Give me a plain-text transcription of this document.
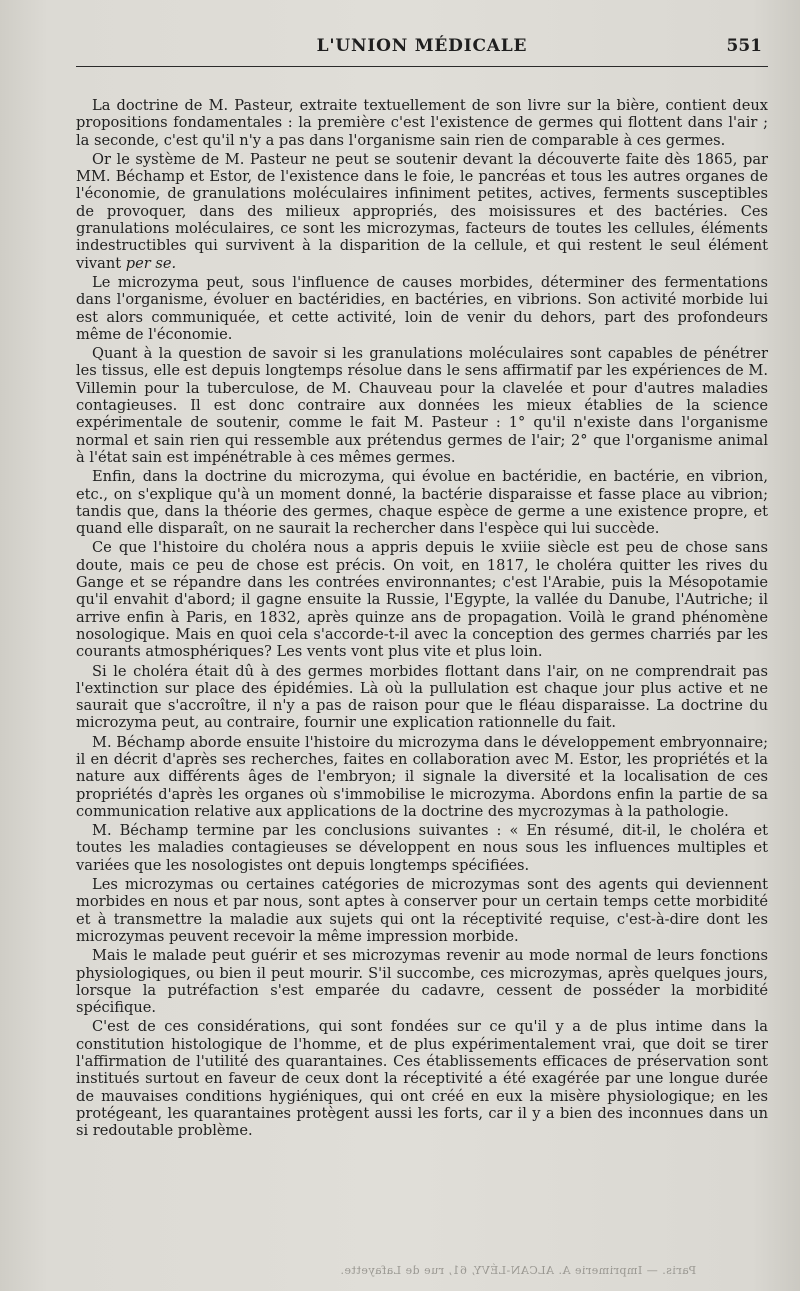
L'UNION MÉDICALE	551

La doctrine de M. Pasteur, extraite textuellement de son livre sur la bière, contient deux propositions fondamentales : la première c'est l'existence de germes qui flottent dans l'air ; la seconde, c'est qu'il n'y a pas dans l'organisme sain rien de comparable à ces germes.

Or le système de M. Pasteur ne peut se soutenir devant la découverte faite dès 1865, par MM. Béchamp et Estor, de l'existence dans le foie, le pancréas et tous les autres organes de l'économie, de granulations moléculaires infiniment petites, actives, ferments susceptibles de provoquer, dans des milieux appropriés, des moisissures et des bactéries. Ces granulations moléculaires, ce sont les microzymas, facteurs de toutes les cellules, éléments indestructibles qui survivent à la disparition de la cellule, et qui restent le seul élément vivant per se.

Le microzyma peut, sous l'influence de causes morbides, déterminer des fermentations dans l'organisme, évoluer en bactéridies, en bactéries, en vibrions. Son activité morbide lui est alors communiquée, et cette activité, loin de venir du dehors, part des profondeurs même de l'économie.

Quant à la question de savoir si les granulations moléculaires sont capables de pénétrer les tissus, elle est depuis longtemps résolue dans le sens affirmatif par les expériences de M. Villemin pour la tuberculose, de M. Chauveau pour la clavelée et pour d'autres maladies contagieuses. Il est donc contraire aux données les mieux établies de la science expérimentale de soutenir, comme le fait M. Pasteur : 1° qu'il n'existe dans l'organisme normal et sain rien qui ressemble aux prétendus germes de l'air; 2° que l'organisme animal à l'état sain est impénétrable à ces mêmes germes.

Enfin, dans la doctrine du microzyma, qui évolue en bactéridie, en bactérie, en vibrion, etc., on s'explique qu'à un moment donné, la bactérie disparaisse et fasse place au vibrion; tandis que, dans la théorie des germes, chaque espèce de germe a une existence propre, et quand elle disparaît, on ne saurait la rechercher dans l'espèce qui lui succède.

Ce que l'histoire du choléra nous a appris depuis le xviiie siècle est peu de chose sans doute, mais ce peu de chose est précis. On voit, en 1817, le choléra quitter les rives du Gange et se répandre dans les contrées environnantes; c'est l'Arabie, puis la Mésopotamie qu'il envahit d'abord; il gagne ensuite la Russie, l'Egypte, la vallée du Danube, l'Autriche; il arrive enfin à Paris, en 1832, après quinze ans de propagation. Voilà le grand phénomène nosologique. Mais en quoi cela s'accorde-t-il avec la conception des germes charriés par les courants atmosphériques? Les vents vont plus vite et plus loin.

Si le choléra était dû à des germes morbides flottant dans l'air, on ne comprendrait pas l'extinction sur place des épidémies. Là où la pullulation est chaque jour plus active et ne saurait que s'accroître, il n'y a pas de raison pour que le fléau disparaisse. La doctrine du microzyma peut, au contraire, fournir une explication rationnelle du fait.

M. Béchamp aborde ensuite l'histoire du microzyma dans le développement embryonnaire; il en décrit d'après ses recherches, faites en collaboration avec M. Estor, les propriétés et la nature aux différents âges de l'embryon; il signale la diversité et la localisation de ces propriétés d'après les organes où s'immobilise le microzyma. Abordons enfin la partie de sa communication relative aux applications de la doctrine des mycrozymas à la pathologie.

M. Béchamp termine par les conclusions suivantes : « En résumé, dit-il, le choléra et toutes les maladies contagieuses se développent en nous sous les influences multiples et variées que les nosologistes ont depuis longtemps spécifiées.

Les microzymas ou certaines catégories de microzymas sont des agents qui deviennent morbides en nous et par nous, sont aptes à conserver pour un certain temps cette morbidité et à transmettre la maladie aux sujets qui ont la réceptivité requise, c'est-à-dire dont les microzymas peuvent recevoir la même impression morbide.

Mais le malade peut guérir et ses microzymas revenir au mode normal de leurs fonctions physiologiques, ou bien il peut mourir. S'il succombe, ces microzymas, après quelques jours, lorsque la putréfaction s'est emparée du cadavre, cessent de posséder la morbidité spécifique.

C'est de ces considérations, qui sont fondées sur ce qu'il y a de plus intime dans la constitution histologique de l'homme, et de plus expérimentalement vrai, que doit se tirer l'affirmation de l'utilité des quarantaines. Ces établissements efficaces de préservation sont institués surtout en faveur de ceux dont la réceptivité a été exagérée par une longue durée de mauvaises conditions hygiéniques, qui ont créé en eux la misère physiologique; en les protégeant, les quarantaines protègent aussi les forts, car il y a bien des inconnues dans un si redoutable problème.

Paris. — Imprimerie A. ALCAN-LÉVY, 61, rue de Lafayette.
